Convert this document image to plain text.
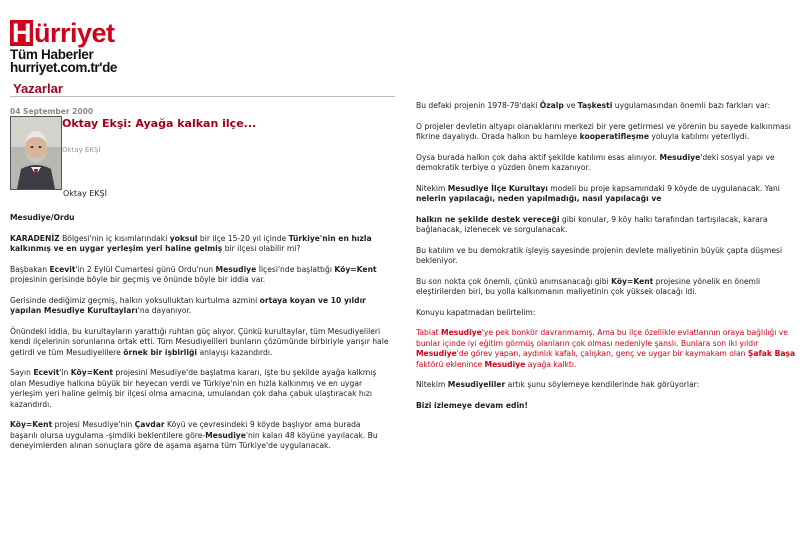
H ürriyet
Tüm Haberler
hurriyet.com.tr'de
Yazarlar
04 September 2000
Oktay Ekşi: Ayağa kalkan ilçe...
Oktay EKŞİ
Oktay EKŞİ

Mesudiye/Ordu

KARADENİZ Bölgesi'nin iç kısımlarındaki yoksul bir ilçe 15-20 yıl içinde Türkiye'nin en hızla kalkınmış ve en uygar yerleşim yeri haline gelmiş bir ilçesi olabilir mi?

Başbakan Ecevit'in 2 Eylül Cumartesi günü Ordu'nun Mesudiye İlçesi'nde başlattığı Köy=Kent projesinin gerisinde böyle bir geçmiş ve önünde böyle bir iddia var.

Gerisinde dediğimiz geçmiş, halkın yoksulluktan kurtulma azmini ortaya koyan ve 10 yıldır yapılan Mesudiye Kurultayları'na dayanıyor.

Önündeki iddia, bu kurultayların yarattığı ruhtan güç alıyor. Çünkü kurultaylar, tüm Mesudiyelileri kendi ilçelerinin sorunlarına ortak etti. Tüm Mesudiyelileri bunların çözümünde birbiriyle yarışır hale getirdi ve tüm Mesudiyelilere örnek bir işbirliği anlayışı kazandırdı.

Sayın Ecevit'in Köy=Kent projesini Mesudiye'de başlatma kararı, işte bu şekilde ayağa kalkmış olan Mesudiye halkına büyük bir heyecan verdi ve Türkiye'nin en hızla kalkınmış ve en uygar yerleşim yeri haline gelmiş bir ilçesi olma amacına, umulandan çok daha çabuk ulaştıracak hızı kazandırdı.

Köy=Kent projesi Mesudiye'nin Çavdar Köyü ve çevresindeki 9 köyde başlıyor ama burada başarılı olursa uygulama -şimdiki beklentilere göre-Mesudiye'nin kalan 48 köyüne yayılacak. Bu deneyimlerden alınan sonuçlara göre de aşama aşama tüm Türkiye'de uygulanacak.

Bu defaki projenin 1978-79'daki Özalp ve Taşkesti uygulamasından önemli bazı farkları var:

O projeler devletin altyapı olanaklarını merkezi bir yere getirmesi ve yörenin bu sayede kalkınması fikrine dayalıydı. Orada halkın bu hamleye kooperatifleşme yoluyla katılımı yeterliydi.

Oysa burada halkın çok daha aktif şekilde katılımı esas alınıyor. Mesudiye'deki sosyal yapı ve demokratik terbiye o yüzden önem kazanıyor.

Nitekim Mesudiye İlçe Kurultayı modeli bu proje kapsamındaki 9 köyde de uygulanacak. Yani nelerin yapılacağı, neden yapılmadığı, nasıl yapılacağı ve

halkın ne şekilde destek vereceği gibi konular, 9 köy halkı tarafından tartışılacak, karara bağlanacak, izlenecek ve sorgulanacak.

Bu katılım ve bu demokratik işleyiş sayesinde projenin devlete maliyetinin büyük çapta düşmesi bekleniyor.

Bu son nokta çok önemli, çünkü anımsanacağı gibi Köy=Kent projesine yönelik en önemli eleştirilerden biri, bu yolla kalkınmanın maliyetinin çok yüksek olacağı idi.

Konuyu kapatmadan belirtelim:

Tabiat Mesudiye'ye pek bonkör davranmamış. Ama bu ilçe özellikle evlatlarının oraya bağlılığı ve bunlar içinde iyi eğitim görmüş olanların çok olması nedeniyle şanslı. Bunlara son iki yıldır Mesudiye'de görev yapan, aydınlık kafalı, çalışkan, genç ve uygar bir kaymakam olan Şafak Başa faktörü eklenince Mesudiye ayağa kalktı.

Nitekim Mesudiyeliler artık şunu söylemeye kendilerinde hak görüyorlar:

Bizi izlemeye devam edin!
